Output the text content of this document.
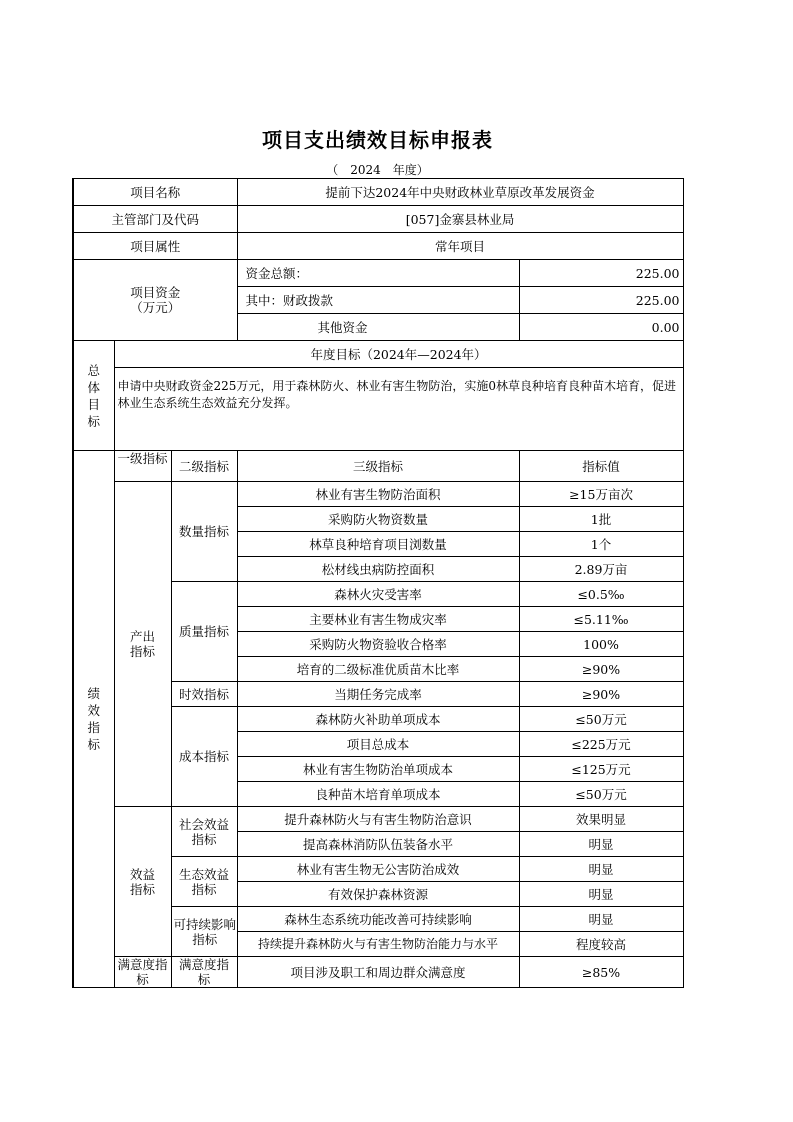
项目支出绩效目标申报表
（　2024　年度）
项目名称			提前下达2024年中央财政林业草原改革发展资金	
主管部门及代码			[057]金寨县林业局	
项目属性			常年项目	

项目资金
（万元）			资金总额：	225.00
			其中：财政拨款	225.00
			其他资金	0.00

总
体
目
标	年度目标（2024年—2024年）			
	申请中央财政资金225万元，用于森林防火、林业有害生物防治，实施0林草良种培育良种苗木培育，促进林业生态系统生态效益充分发挥。			

绩
效
指
标	一级指标	二级指标	三级指标	指标值

	产出指标	数量指标	林业有害生物防治面积	≥15万亩次
			采购防火物资数量	1批
			林草良种培育项目浏数量	1个
			松材线虫病防控面积	2.89万亩
		质量指标	森林火灾受害率	≤0.5‰
			主要林业有害生物成灾率	≤5.11‰
			采购防火物资验收合格率	100%
			培育的二级标准优质苗木比率	≥90%
		时效指标	当期任务完成率	≥90%
		成本指标	森林防火补助单项成本	≤50万元
			项目总成本	≤225万元
			林业有害生物防治单项成本	≤125万元
			良种苗木培育单项成本	≤50万元

	效益指标	社会效益指标	提升森林防火与有害生物防治意识	效果明显
			提高森林消防队伍装备水平	明显

		生态效益指标	林业有害生物无公害防治成效	明显
			有效保护森林资源	明显

		可持续影响指标	森林生态系统功能改善可持续影响	明显
			持续提升森林防火与有害生物防治能力与水平	程度较高

	满意度指标	满意度指标	项目涉及职工和周边群众满意度	≥85%
